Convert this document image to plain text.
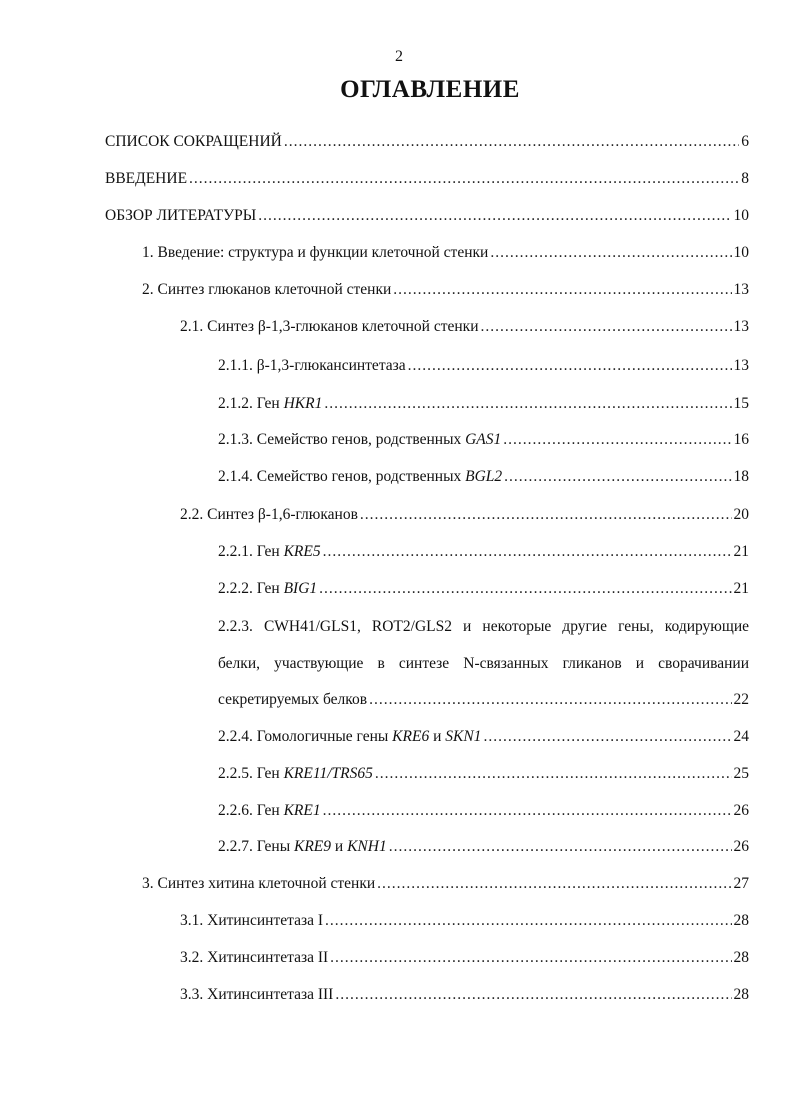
2
ОГЛАВЛЕНИЕ
СПИСОК СОКРАЩЕНИЙ .....	6
ВВЕДЕНИЕ .....	8
ОБЗОР ЛИТЕРАТУРЫ .....	10
1. Введение: структура и функции клеточной стенки .....	10
2. Синтез глюканов клеточной стенки .....	13
2.1. Синтез β-1,3-глюканов клеточной стенки .....	13
2.1.1. β-1,3-глюкансинтетаза .....	13
2.1.2. Ген HKR1 .....	15
2.1.3. Семейство генов, родственных GAS1 .....	16
2.1.4. Семейство генов, родственных BGL2 .....	18
2.2. Синтез β-1,6-глюканов .....	20
2.2.1. Ген KRE5 .....	21
2.2.2. Ген BIG1 .....	21
2.2.3. CWH41/GLS1, ROT2/GLS2 и некоторые другие гены, кодирующие
белки, участвующие в синтезе N-связанных гликанов и сворачивании
секретируемых белков .....	22
2.2.4. Гомологичные гены KRE6 и SKN1 .....	24
2.2.5. Ген KRE11/TRS65 .....	25
2.2.6. Ген KRE1 .....	26
2.2.7. Гены KRE9 и KNH1 .....	26
3. Синтез хитина клеточной стенки .....	27
3.1. Хитинсинтетаза I .....	28
3.2. Хитинсинтетаза II .....	28
3.3. Хитинсинтетаза III .....	28
